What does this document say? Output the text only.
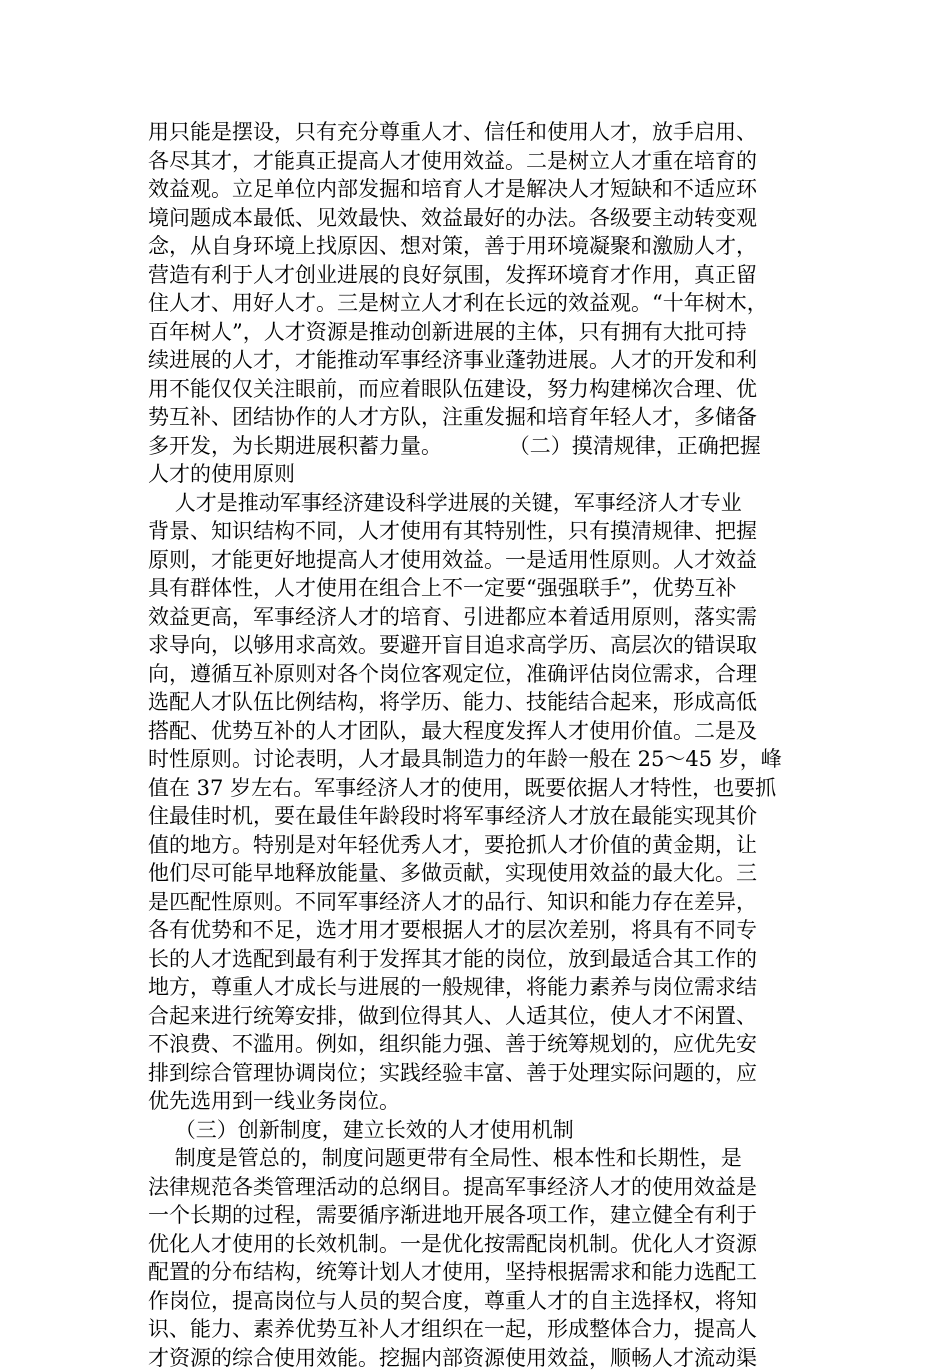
用只能是摆设，只有充分尊重人才、信任和使用人才，放手启用、
各尽其才，才能真正提高人才使用效益。二是树立人才重在培育的
效益观。立足单位内部发掘和培育人才是解决人才短缺和不适应环
境问题成本最低、见效最快、效益最好的办法。各级要主动转变观
念，从自身环境上找原因、想对策，善于用环境凝聚和激励人才，
营造有利于人才创业进展的良好氛围，发挥环境育才作用，真正留
住人才、用好人才。三是树立人才利在长远的效益观。“十年树木，
百年树人”，人才资源是推动创新进展的主体，只有拥有大批可持
续进展的人才，才能推动军事经济事业蓬勃进展。人才的开发和利
用不能仅仅关注眼前，而应着眼队伍建设，努力构建梯次合理、优
势互补、团结协作的人才方队，注重发掘和培育年轻人才，多储备
多开发，为长期进展积蓄力量。          （二）摸清规律，正确把握
人才的使用原则
人才是推动军事经济建设科学进展的关键，军事经济人才专业
背景、知识结构不同，人才使用有其特别性，只有摸清规律、把握
原则，才能更好地提高人才使用效益。一是适用性原则。人才效益
具有群体性，人才使用在组合上不一定要“强强联手”，优势互补
效益更高，军事经济人才的培育、引进都应本着适用原则，落实需
求导向，以够用求高效。要避开盲目追求高学历、高层次的错误取
向，遵循互补原则对各个岗位客观定位，准确评估岗位需求，合理
选配人才队伍比例结构，将学历、能力、技能结合起来，形成高低
搭配、优势互补的人才团队，最大程度发挥人才使用价值。二是及
时性原则。讨论表明，人才最具制造力的年龄一般在 25～45 岁，峰
值在 37 岁左右。军事经济人才的使用，既要依据人才特性，也要抓
住最佳时机，要在最佳年龄段时将军事经济人才放在最能实现其价
值的地方。特别是对年轻优秀人才，要抢抓人才价值的黄金期，让
他们尽可能早地释放能量、多做贡献，实现使用效益的最大化。三
是匹配性原则。不同军事经济人才的品行、知识和能力存在差异，
各有优势和不足，选才用才要根据人才的层次差别，将具有不同专
长的人才选配到最有利于发挥其才能的岗位，放到最适合其工作的
地方，尊重人才成长与进展的一般规律，将能力素养与岗位需求结
合起来进行统筹安排，做到位得其人、人适其位，使人才不闲置、
不浪费、不滥用。例如，组织能力强、善于统筹规划的，应优先安
排到综合管理协调岗位；实践经验丰富、善于处理实际问题的，应
优先选用到一线业务岗位。
（三）创新制度，建立长效的人才使用机制
制度是管总的，制度问题更带有全局性、根本性和长期性，是
法律规范各类管理活动的总纲目。提高军事经济人才的使用效益是
一个长期的过程，需要循序渐进地开展各项工作，建立健全有利于
优化人才使用的长效机制。一是优化按需配岗机制。优化人才资源
配置的分布结构，统筹计划人才使用，坚持根据需求和能力选配工
作岗位，提高岗位与人员的契合度，尊重人才的自主选择权，将知
识、能力、素养优势互补人才组织在一起，形成整体合力，提高人
才资源的综合使用效能。挖掘内部资源使用效益，顺畅人才流动渠
